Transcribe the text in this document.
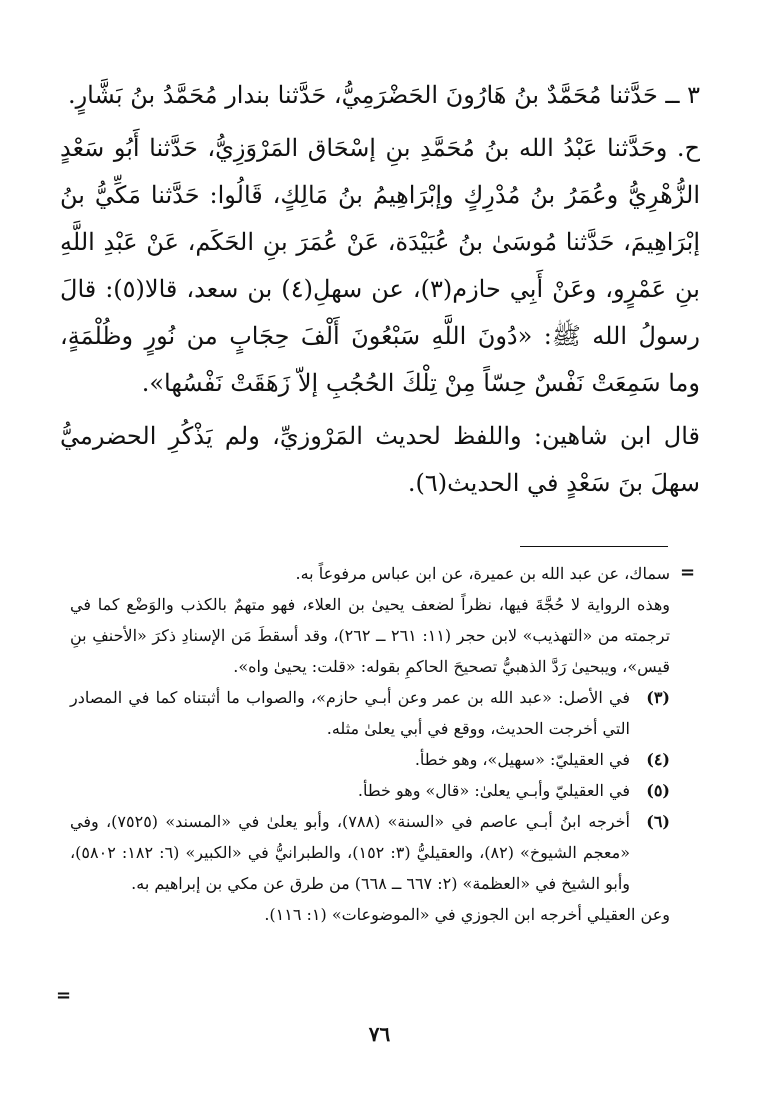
٣ ــ حَدَّثنا مُحَمَّدٌ بنُ هَارُونَ الحَضْرَمِيُّ، حَدَّثنا بندار مُحَمَّدُ بنُ بَشَّارٍ.

ح. وحَدَّثنا عَبْدُ الله بنُ مُحَمَّدِ بنِ إسْحَاق المَرْوَزِيُّ، حَدَّثنا أَبُو سَعْدٍ الزُّهْرِيُّ وعُمَرُ بنُ مُدْرِكٍ وإبْرَاهِيمُ بنُ مَالِكٍ، قَالُوا: حَدَّثنا مَكِّيُّ بنُ إبْرَاهِيمَ، حَدَّثنا مُوسَىٰ بنُ عُبَيْدَة، عَنْ عُمَرَ بنِ الحَكَم، عَنْ عَبْدِ اللَّهِ بنِ عَمْرٍو، وعَنْ أَبِي حازم(٣)، عن سهلِ(٤) بن سعد، قالا(٥): قالَ رسولُ الله ﷺ: «دُونَ اللَّهِ سَبْعُونَ أَلْفَ حِجَابٍ من نُورٍ وظُلْمَةٍ، وما سَمِعَتْ نَفْسٌ حِسّاً مِنْ تِلْكَ الحُجُبِ إلاّ زَهَقَتْ نَفْسُها».

قال ابن شاهين: واللفظ لحديث المَرْوزيِّ، ولم يَذْكُرِ الحضرميُّ سهلَ بنَ سَعْدٍ في الحديث(٦).

=

سماك، عن عبد الله بن عميرة، عن ابن عباس مرفوعاً به.

وهذه الرواية لا حُجَّةَ فيها، نظراً لضعف يحيىٰ بن العلاء، فهو متهمٌ بالكذب والوَضْع كما في ترجمته من «التهذيب» لابن حجر (١١: ٢٦١ ــ ٢٦٢)، وقد أسقطَ مَن الإسنادِ ذكرَ «الأحنفِ بنِ قيس»، ويبحيىٰ رَدَّ الذهبيُّ تصحيحَ الحاكمِ بقوله: «قلت: يحيىٰ واه».

(٣)
في الأصل: «عبد الله بن عمر وعن أبـي حازم»، والصواب ما أثبتناه كما في المصادر التي أخرجت الحديث، ووقع في أبي يعلىٰ مثله.
(٤)
في العقيليّ: «سهيل»، وهو خطأ.
(٥)
في العقيليّ وأبـي يعلىٰ: «قال» وهو خطأ.
(٦)
أخرجه ابنُ أبـي عاصم في «السنة» (٧٨٨)، وأبو يعلىٰ في «المسند» (٧٥٢٥)، وفي «معجم الشيوخ» (٨٢)، والعقيليُّ (٣: ١٥٢)، والطبرانيُّ في «الكبير» (٦: ١٨٢: ٥٨٠٢)، وأبو الشيخ في «العظمة» (٢: ٦٦٧ ــ ٦٦٨) من طرق عن مكي بن إبراهيم به.

وعن العقيلي أخرجه ابن الجوزي في «الموضوعات» (١: ١١٦).

=
٧٦
